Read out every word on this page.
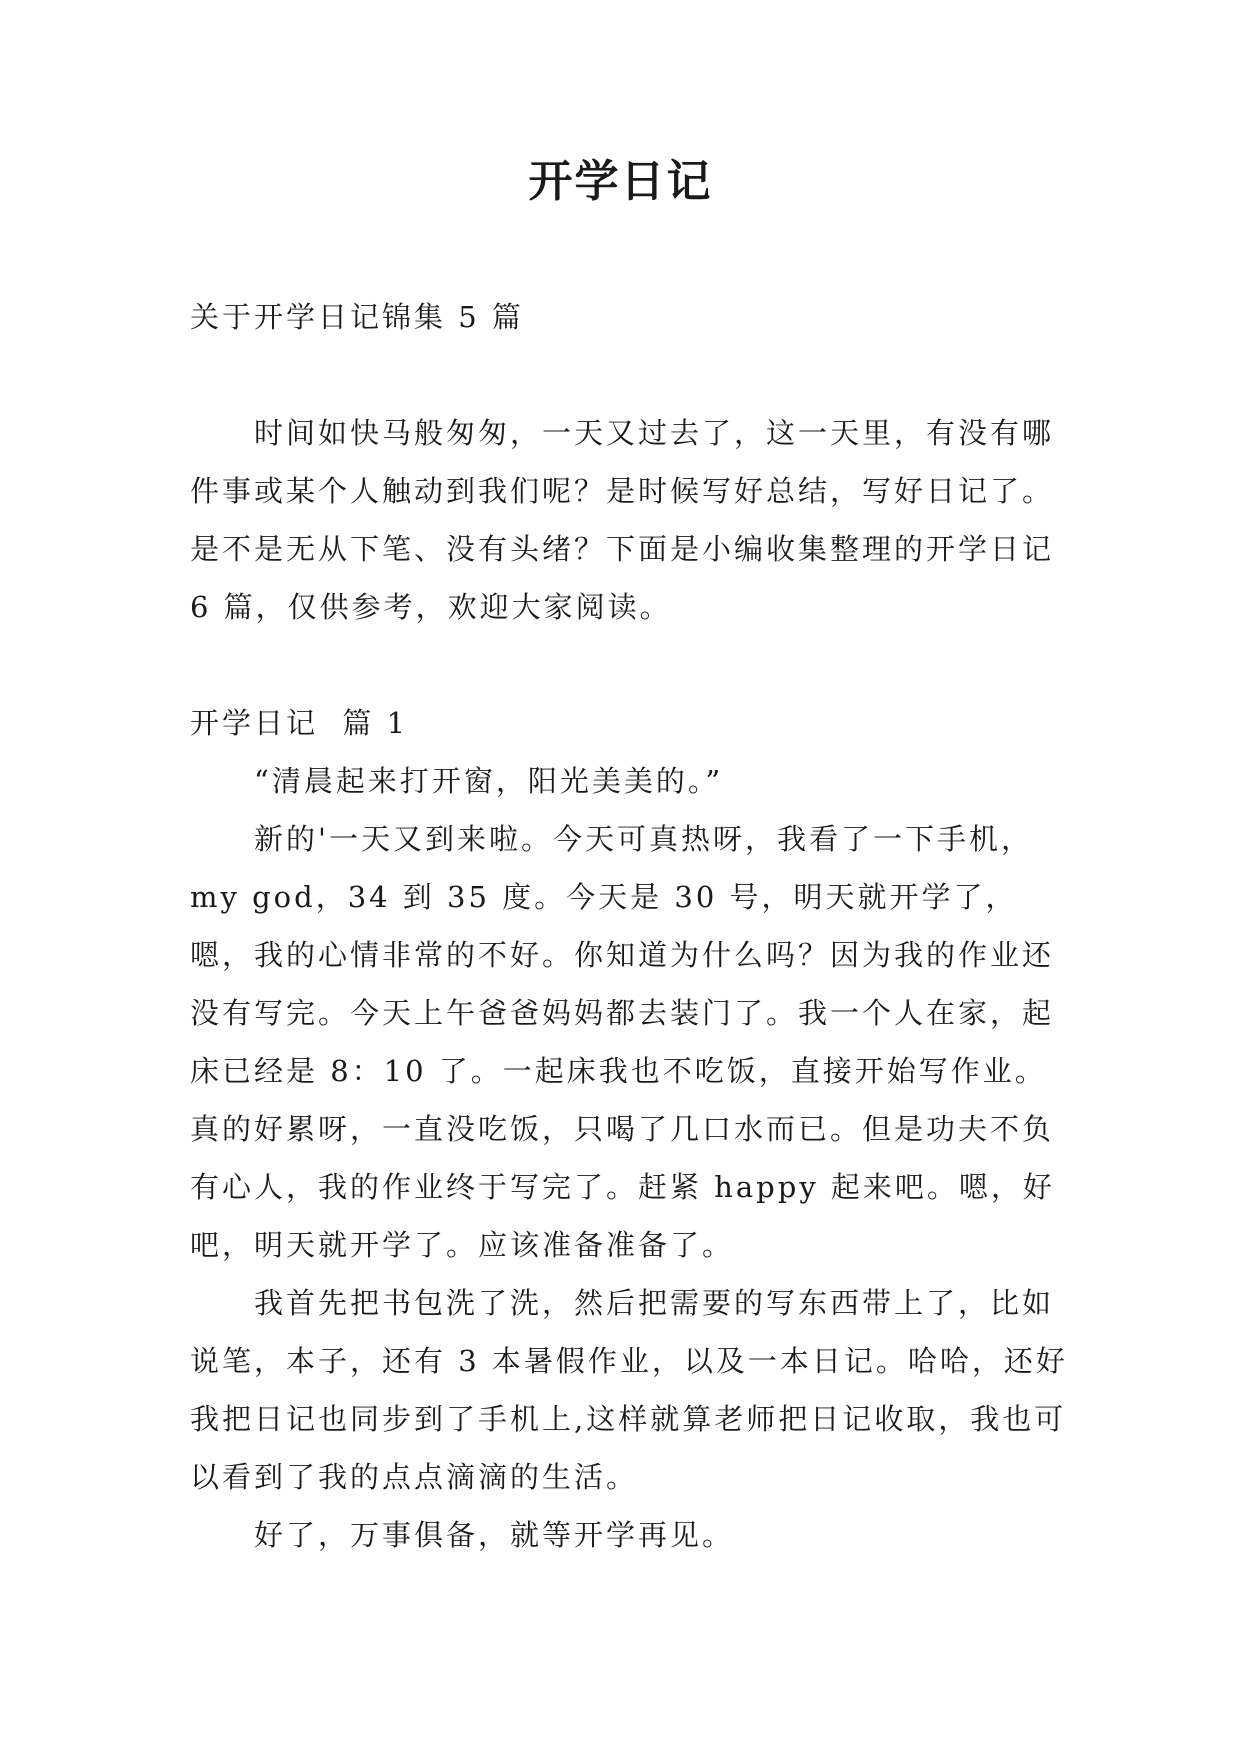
开学日记
关于开学日记锦集 5 篇

时间如快马般匆匆，一天又过去了，这一天里，有没有哪件事或某个人触动到我们呢？是时候写好总结，写好日记了。是不是无从下笔、没有头绪？下面是小编收集整理的开学日记 6 篇，仅供参考，欢迎大家阅读。

开学日记  篇 1

“清晨起来打开窗，阳光美美的。”

新的'一天又到来啦。今天可真热呀，我看了一下手机，my god，34 到 35 度。今天是 30 号，明天就开学了，嗯，我的心情非常的不好。你知道为什么吗？因为我的作业还没有写完。今天上午爸爸妈妈都去装门了。我一个人在家，起床已经是 8：10 了。一起床我也不吃饭，直接开始写作业。真的好累呀，一直没吃饭，只喝了几口水而已。但是功夫不负有心人，我的作业终于写完了。赶紧 happy 起来吧。嗯，好吧，明天就开学了。应该准备准备了。

我首先把书包洗了洗，然后把需要的写东西带上了，比如说笔，本子，还有 3 本暑假作业，以及一本日记。哈哈，还好我把日记也同步到了手机上,这样就算老师把日记收取，我也可以看到了我的点点滴滴的生活。

好了，万事俱备，就等开学再见。
